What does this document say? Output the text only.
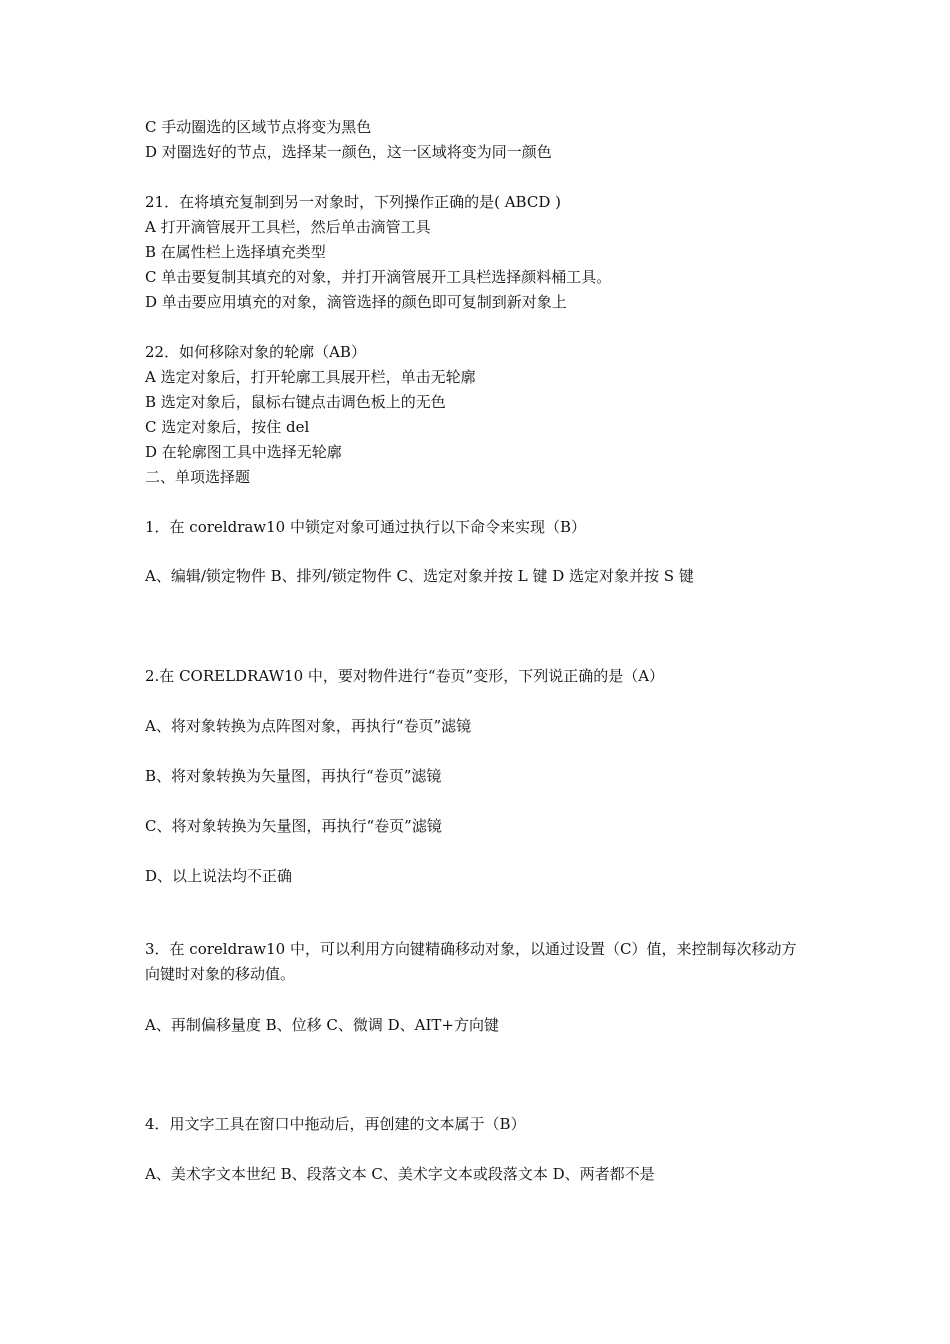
C 手动圈选的区域节点将变为黑色
D 对圈选好的节点，选择某一颜色，这一区域将变为同一颜色
21．在将填充复制到另一对象时，下列操作正确的是( ABCD )
A 打开滴管展开工具栏，然后单击滴管工具
B 在属性栏上选择填充类型
C 单击要复制其填充的对象，并打开滴管展开工具栏选择颜料桶工具。
D 单击要应用填充的对象，滴管选择的颜色即可复制到新对象上
22．如何移除对象的轮廓（AB）
A 选定对象后，打开轮廓工具展开栏，单击无轮廓
B 选定对象后，鼠标右键点击调色板上的无色
C 选定对象后，按住 del
D 在轮廓图工具中选择无轮廓
二、单项选择题
1．在 coreldraw10 中锁定对象可通过执行以下命令来实现（B）
A、编辑/锁定物件 B、排列/锁定物件 C、选定对象并按 L 键 D 选定对象并按 S 键
2.在 CORELDRAW10 中，要对物件进行“卷页”变形，下列说正确的是（A）
A、将对象转换为点阵图对象，再执行“卷页”滤镜
B、将对象转换为矢量图，再执行“卷页”滤镜
C、将对象转换为矢量图，再执行“卷页”滤镜
D、以上说法均不正确
3．在 coreldraw10 中，可以利用方向键精确移动对象，以通过设置（C）值，来控制每次移动方向键时对象的移动值。
A、再制偏移量度 B、位移 C、微调 D、AIT+方向键
4．用文字工具在窗口中拖动后，再创建的文本属于（B）
A、美术字文本世纪 B、段落文本 C、美术字文本或段落文本 D、两者都不是
